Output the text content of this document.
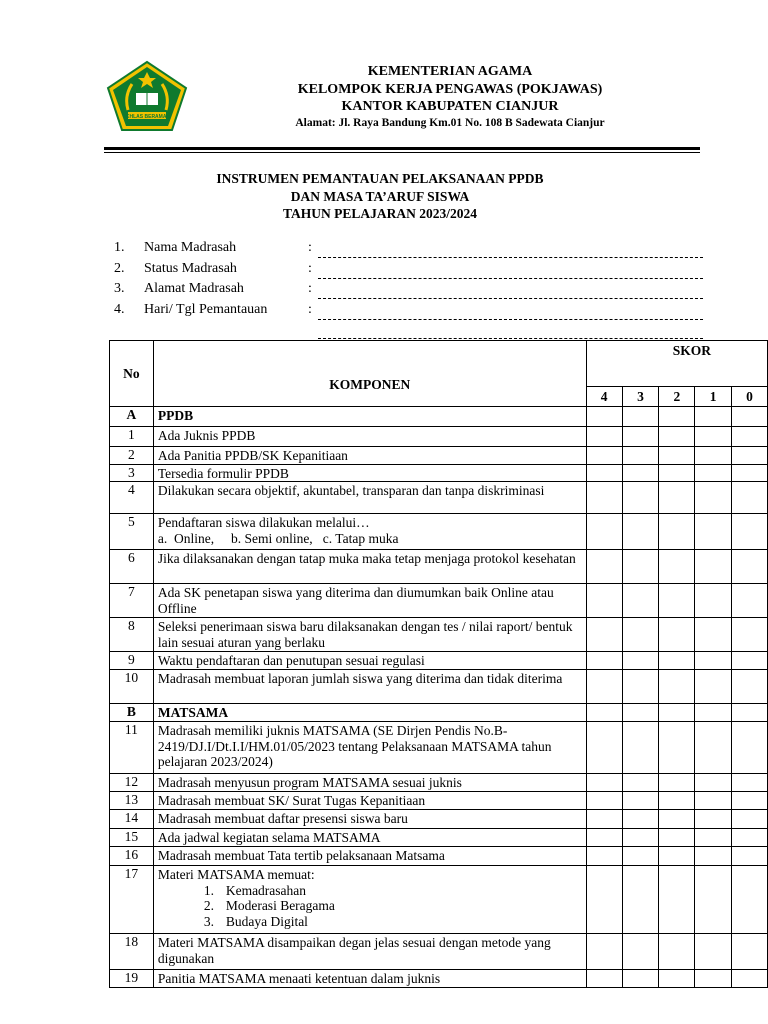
IKHLAS BERAMAL
KEMENTERIAN AGAMA
KELOMPOK KERJA PENGAWAS (POKJAWAS)
KANTOR KABUPATEN CIANJUR
Alamat: Jl. Raya Bandung Km.01 No. 108 B Sadewata Cianjur
INSTRUMEN PEMANTAUAN PELAKSANAAN PPDB
DAN MASA TA’ARUF SISWA
TAHUN PELAJARAN 2023/2024
1. Nama Madrasah	:
2. Status Madrasah	:
3. Alamat Madrasah	:
4. Hari/ Tgl Pemantauan	:
No	KOMPONEN	SKOR				
		4	3	2	1	0
A	PPDB					

1	Ada Juknis PPDB					

2	Ada Panitia PPDB/SK Kepanitiaan					

3	Tersedia formulir PPDB					

4	Dilakukan secara objektif, akuntabel, transparan dan tanpa diskriminasi					

5	Pendaftaran siswa dilakukan melalui…
a.  Online,     b. Semi online,   c. Tatap muka					

6	Jika dilaksanakan dengan tatap muka maka tetap menjaga protokol kesehatan					

7	Ada SK penetapan siswa yang diterima dan diumumkan baik Online atau Offline					

8	Seleksi penerimaan siswa baru dilaksanakan dengan tes / nilai raport/ bentuk lain sesuai aturan yang berlaku					

9	Waktu pendaftaran dan penutupan sesuai regulasi					

10	Madrasah membuat laporan jumlah siswa yang diterima dan tidak diterima					

B	MATSAMA					

11	Madrasah memiliki juknis MATSAMA (SE Dirjen Pendis No.B-2419/DJ.I/Dt.I.I/HM.01/05/2023 tentang Pelaksanaan MATSAMA tahun pelajaran 2023/2024)					

12	Madrasah menyusun program MATSAMA sesuai juknis					

13	Madrasah membuat SK/ Surat Tugas Kepanitiaan					

14	Madrasah membuat daftar presensi siswa baru					

15	Ada jadwal kegiatan selama MATSAMA					

16	Madrasah membuat Tata tertib pelaksanaan Matsama					

17	Materi MATSAMA memuat:
1. Kemadrasahan
2. Moderasi Beragama
3. Budaya Digital					

18	Materi MATSAMA disampaikan degan jelas sesuai dengan metode yang digunakan					

19	Panitia MATSAMA menaati ketentuan dalam juknis					
